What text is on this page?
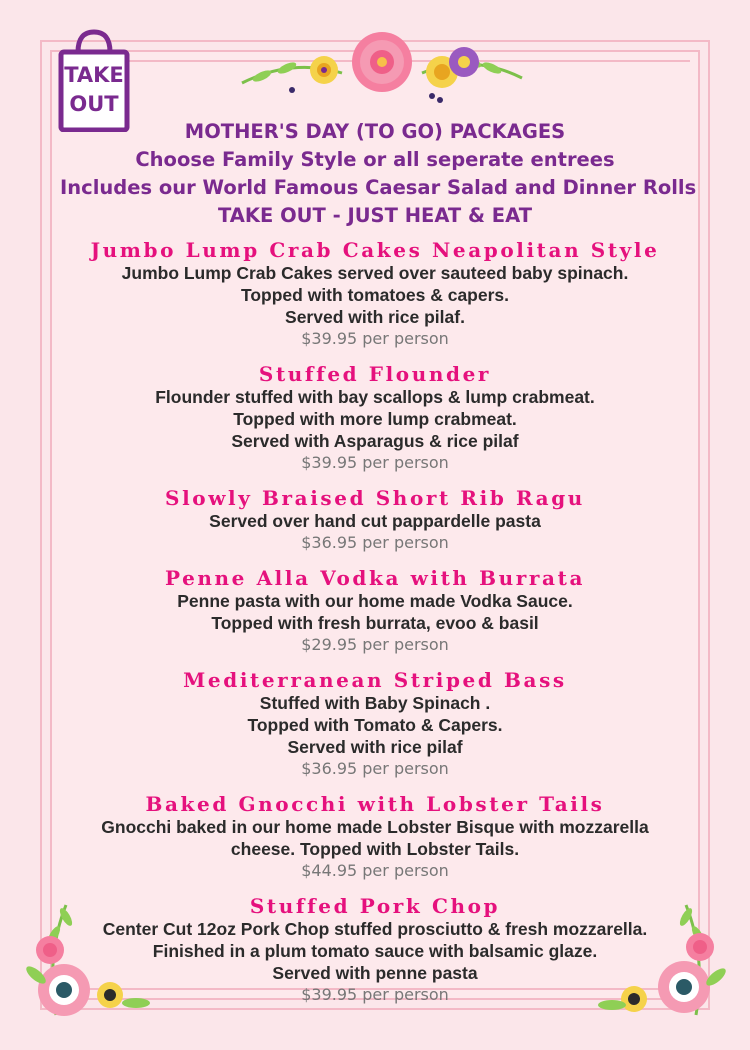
TAKE
OUT
MOTHER'S DAY (TO GO) PACKAGES
Choose Family Style or all seperate entrees
Includes our World Famous Caesar Salad and Dinner Rolls
TAKE OUT - JUST HEAT & EAT
Jumbo Lump Crab Cakes Neapolitan Style
Jumbo Lump Crab Cakes served over sauteed baby spinach.
Topped with tomatoes & capers.
Served with rice pilaf.
$39.95 per person
Stuffed Flounder
Flounder stuffed with bay scallops & lump crabmeat.
Topped with more lump crabmeat.
Served with Asparagus & rice pilaf
$39.95 per person
Slowly Braised Short Rib Ragu
Served over hand cut pappardelle pasta
$36.95 per person
Penne Alla Vodka with Burrata
Penne pasta with our home made Vodka Sauce.
Topped with fresh burrata, evoo & basil
$29.95 per person
Mediterranean Striped Bass
Stuffed with Baby Spinach .
Topped with Tomato & Capers.
Served with rice pilaf
$36.95 per person
Baked Gnocchi with Lobster Tails
Gnocchi baked in our home made Lobster Bisque with mozzarella
cheese. Topped with Lobster Tails.
$44.95 per person
Stuffed Pork Chop
Center Cut 12oz Pork Chop stuffed prosciutto & fresh mozzarella.
Finished in a plum tomato sauce with balsamic glaze.
Served with penne pasta
$39.95 per person
